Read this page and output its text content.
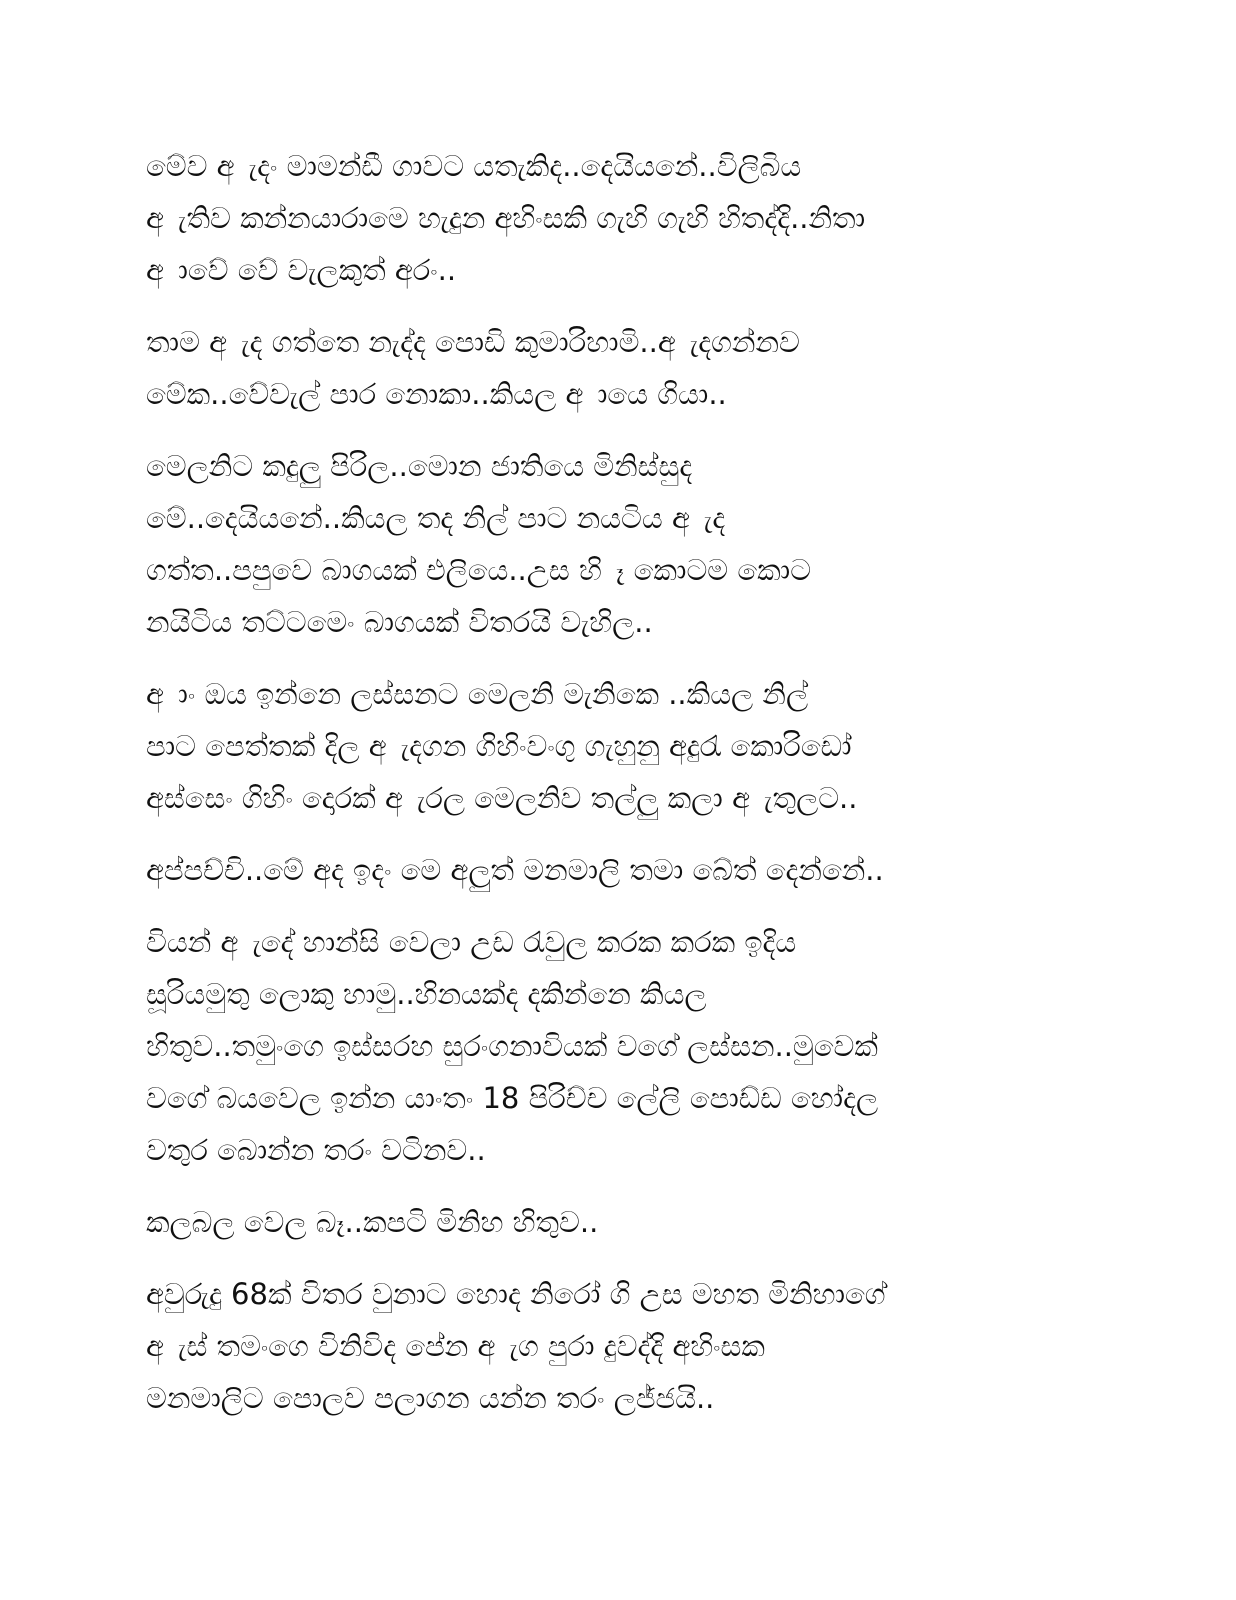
මේව අ ැදං මාමන්ඩී ගාවට යතැකිද..දෙයියනේ..විලිබිය
අ ැතිව කන්නයාරාමෙ හැදුන අහිංසකි ගැහි ගැහි හිතද්දි..නිතා
අ ාවේ වේ වැලකුත් අරං..

තාම අ ැද ගත්තෙ නැද්ද පොඩි කුමාරිහාමි..අ ැදගන්නව
මේක..වේවැල් පාර නොකා..කියල අ ායෙ ගියා..

මෙලනිට කදුලු පිරිල..මොන ජාතියෙ මිනිස්සුද
මේ..දෙයියනේ..කියල තද නිල් පාට නයටිය අ ැද
ගත්ත..පපුවෙ බාගයක් එලියෙ..උස හි ෑ කොටම කොට
නයිටිය තට්ටමෙං බාගයක් විතරයි වැහිල..

අ ාං ඔය ඉන්නෙ ලස්සනට මෙලනි මැනිකෙ ..කියල නිල්
පාට පෙත්තක් දිල අ ැදගන ගිහිංවංගු ගැහුනු අදුරැ කොරිඩෝ
අස්සෙං ගිහිං දොරක් අ ැරල මෙලනිව තල්ලු කලා අ ැතුලට..

අප්පච්චි..මේ අද ඉදං මෙ අලුත් මනමාලි තමා බේත් දෙන්නේ..

වියන් අ ැදේ හාන්සි වෙලා උඩ රැවුල කරක කරක ඉදිය
සූරියමුතු ලොකු හාමු..හිනයක්ද දකින්නෙ කියල
හිතුව..තමුංගෙ ඉස්සරහ සුරංගනාවියක් වගේ ලස්සන..මුවෙක්
වගේ බයවෙල ඉන්න යාංතං 18 පිරිච්ච ලේලි පොඩ්ඩ හෝදල
වතුර බොන්න තරං වටිනව..

කලබල වෙල බෑ..කපටි මිනිහ හිතුව..

අවුරුදු 68ක් විතර වුනාට හොද නිරෝ ගි උස මහත මිනිහාගේ
අ ැස් තමංගෙ විනිවිද පේන අ ැග පුරා දුවද්දි අහිංසක
මනමාලිට පොලව පලාගන යන්න තරං ලජ්ජයි..
